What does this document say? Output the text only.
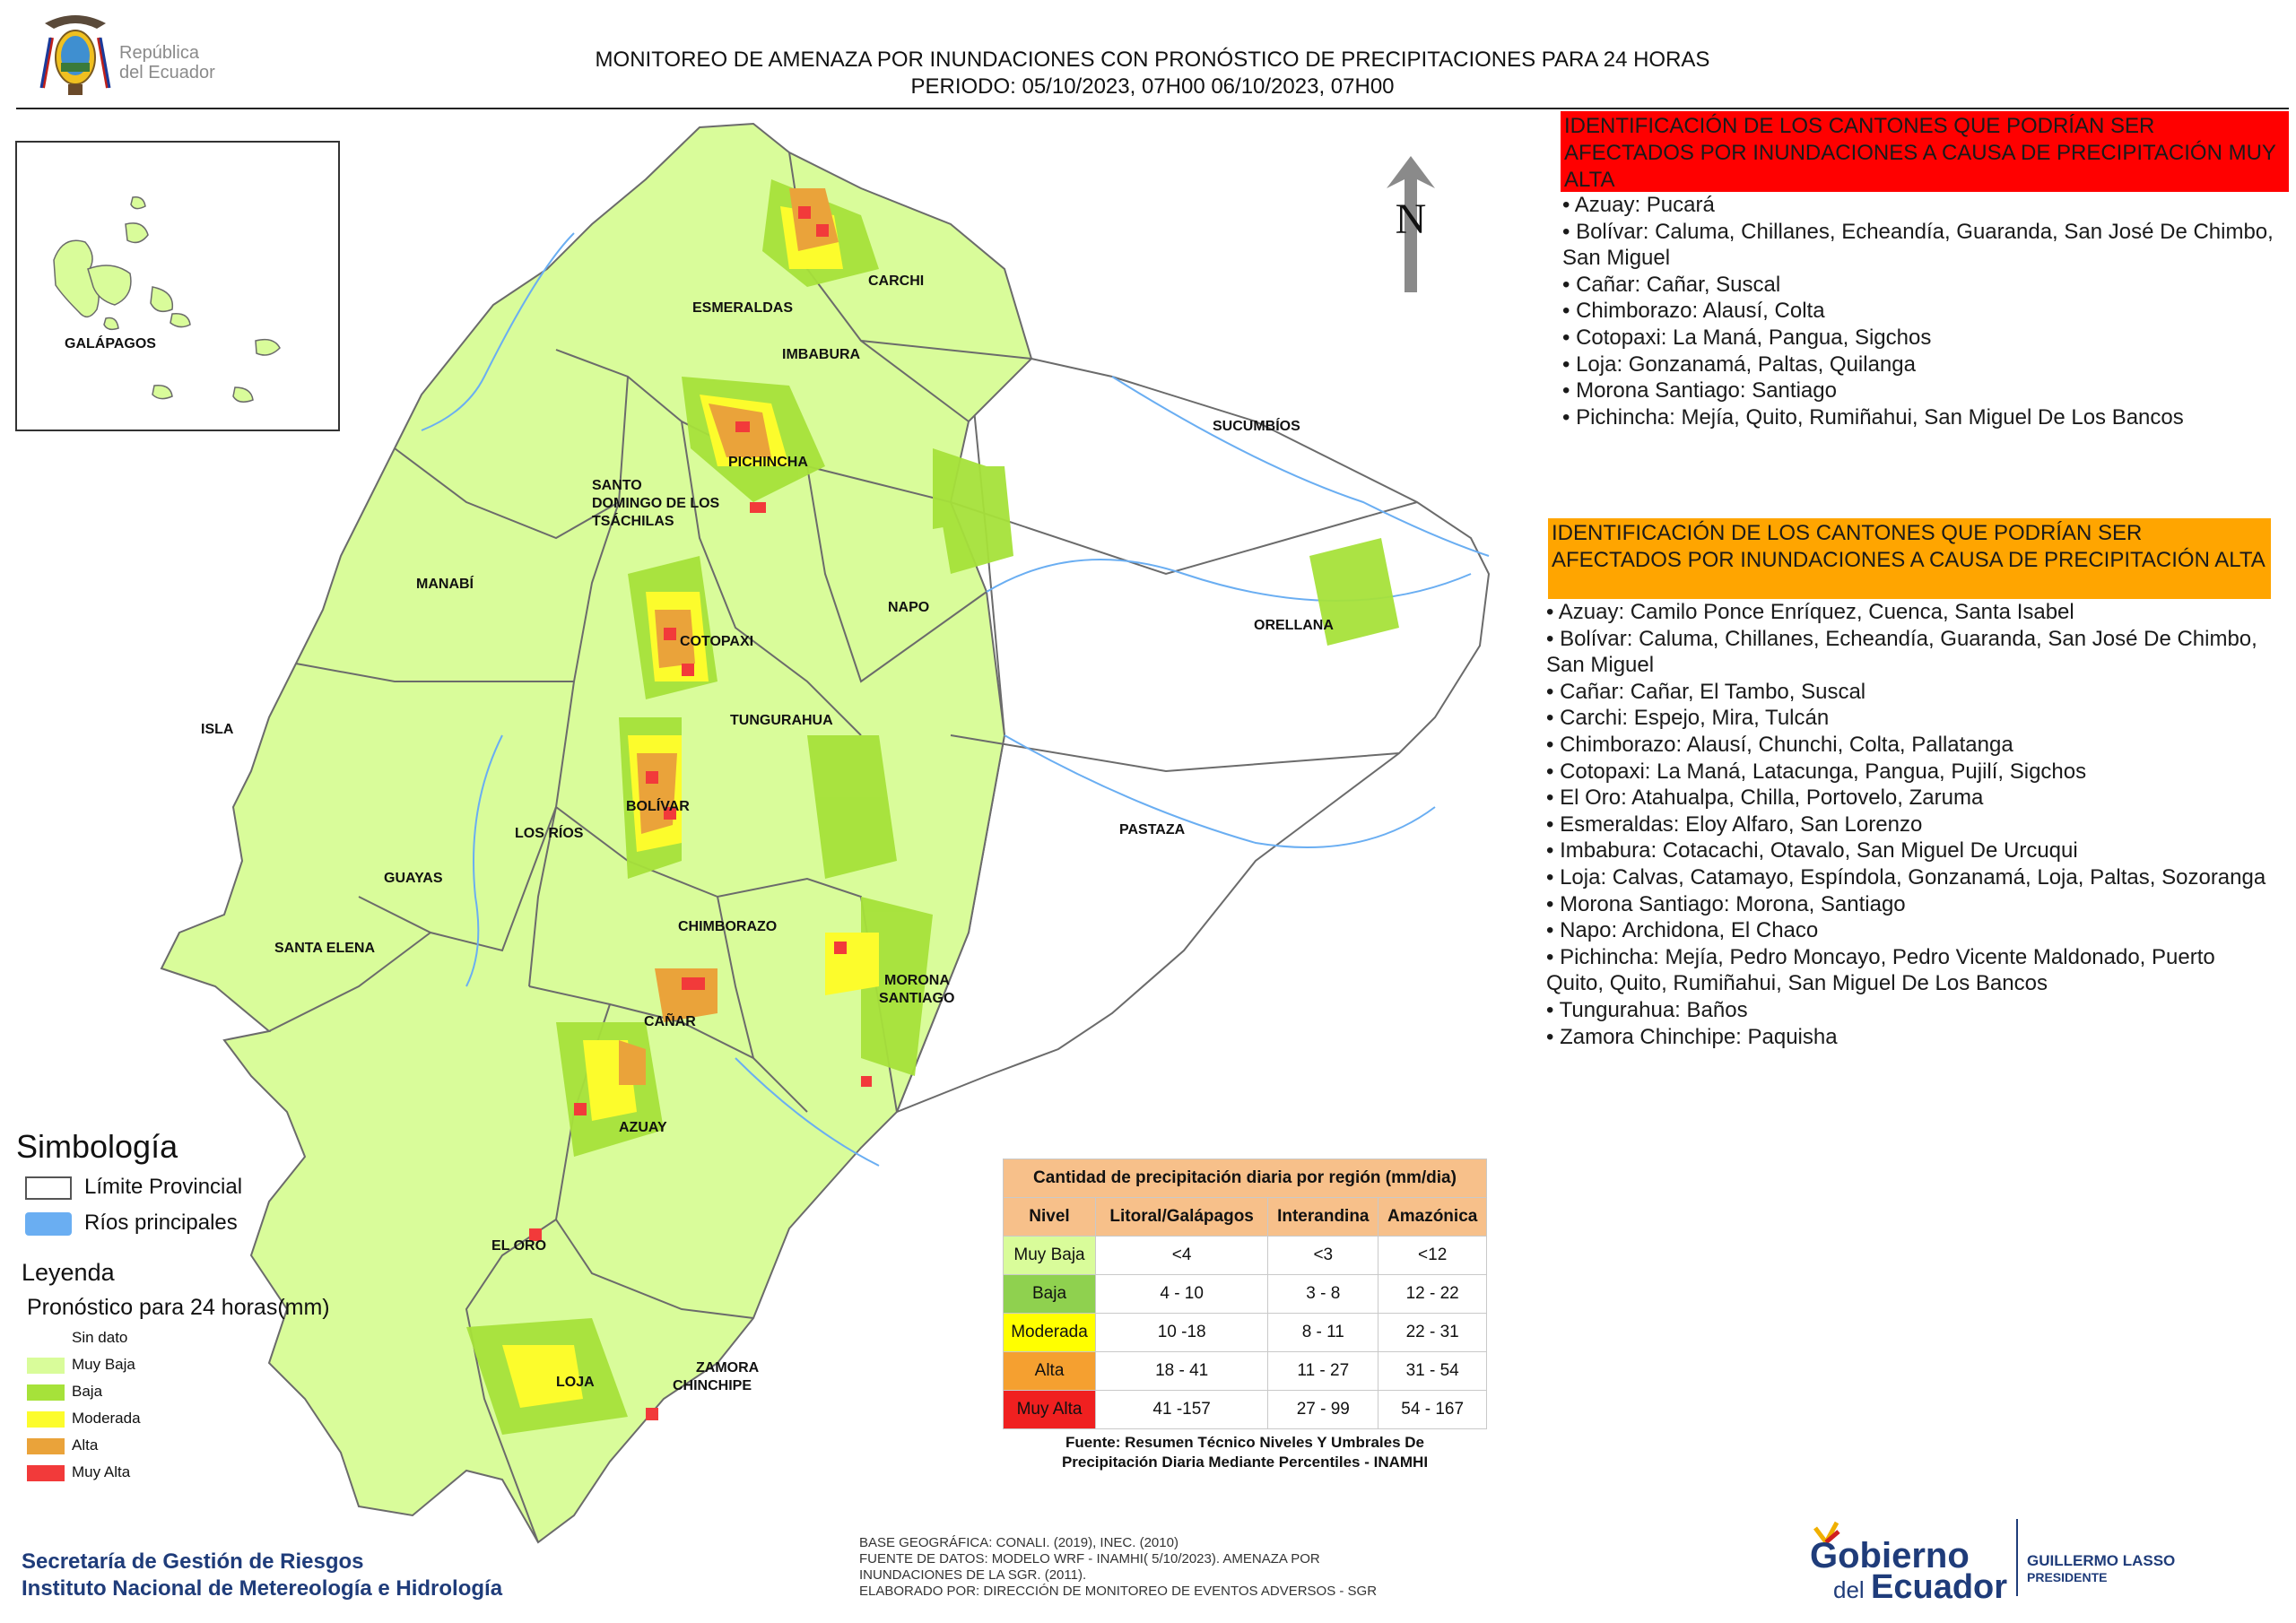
República
del Ecuador
MONITOREO DE AMENAZA POR INUNDACIONES CON PRONÓSTICO DE PRECIPITACIONES PARA 24 HORAS
PERIODO: 05/10/2023, 07H00 06/10/2023, 07H00
GALÁPAGOS
CARCHI
ESMERALDAS
IMBABURA
SUCUMBÍOS
PICHINCHA
SANTO
DOMINGO DE LOS
TSÁCHILAS
MANABÍ
NAPO
ORELLANA
COTOPAXI
ISLA
TUNGURAHUA
BOLÍVAR
PASTAZA
LOS RÍOS
GUAYAS
CHIMBORAZO
SANTA ELENA
MORONA
SANTIAGO
CAÑAR
AZUAY
EL ORO
ZAMORA
CHINCHIPE
LOJA
N
IDENTIFICACIÓN DE LOS CANTONES QUE PODRÍAN SER AFECTADOS POR INUNDACIONES A CAUSA DE PRECIPITACIÓN MUY ALTA
• Azuay: Pucará
• Bolívar: Caluma, Chillanes, Echeandía, Guaranda, San José De Chimbo, San Miguel
• Cañar: Cañar, Suscal
• Chimborazo: Alausí, Colta
• Cotopaxi: La Maná, Pangua, Sigchos
• Loja: Gonzanamá, Paltas, Quilanga
• Morona Santiago: Santiago
• Pichincha: Mejía, Quito, Rumiñahui, San Miguel De Los Bancos
IDENTIFICACIÓN DE LOS CANTONES QUE PODRÍAN SER AFECTADOS POR INUNDACIONES A CAUSA DE PRECIPITACIÓN ALTA
• Azuay: Camilo Ponce Enríquez, Cuenca, Santa Isabel
• Bolívar: Caluma, Chillanes, Echeandía, Guaranda, San José De Chimbo, San Miguel
• Cañar: Cañar, El Tambo, Suscal
• Carchi: Espejo, Mira, Tulcán
• Chimborazo: Alausí, Chunchi, Colta, Pallatanga
• Cotopaxi: La Maná, Latacunga, Pangua, Pujilí, Sigchos
• El Oro: Atahualpa, Chilla, Portovelo, Zaruma
• Esmeraldas: Eloy Alfaro, San Lorenzo
• Imbabura: Cotacachi, Otavalo, San Miguel De Urcuqui
• Loja: Calvas, Catamayo, Espíndola, Gonzanamá, Loja, Paltas, Sozoranga
• Morona Santiago: Morona, Santiago
• Napo: Archidona, El Chaco
• Pichincha: Mejía, Pedro Moncayo, Pedro Vicente Maldonado, Puerto Quito, Quito, Rumiñahui, San Miguel De Los Bancos
• Tungurahua: Baños
• Zamora Chinchipe: Paquisha
Simbología
Límite Provincial
Ríos principales
Leyenda
Pronóstico para 24 horas(mm)
Sin dato
Muy Baja
Baja
Moderada
Alta
Muy Alta
Cantidad de precipitación diaria por región (mm/dia)			
Nivel	Litoral/Galápagos	Interandina	Amazónica
Muy Baja	<4	<3	<12
Baja	4 - 10	3 - 8	12 - 22
Moderada	10 -18	8 - 11	22 - 31
Alta	18 - 41	11 - 27	31 - 54
Muy Alta	41 -157	27 - 99	54 - 167
Fuente: Resumen Técnico Niveles Y Umbrales De
Precipitación Diaria Mediante Percentiles - INAMHI
Secretaría de Gestión de Riesgos
Instituto Nacional de Metereología e Hidrología
BASE GEOGRÁFICA: CONALI. (2019), INEC. (2010)
FUENTE DE DATOS: MODELO WRF - INAMHI( 5/10/2023). AMENAZA POR
INUNDACIONES DE LA SGR. (2011).
ELABORADO POR: DIRECCIÓN DE MONITOREO DE EVENTOS ADVERSOS - SGR
Gobierno
del Ecuador
GUILLERMO LASSO
PRESIDENTE
